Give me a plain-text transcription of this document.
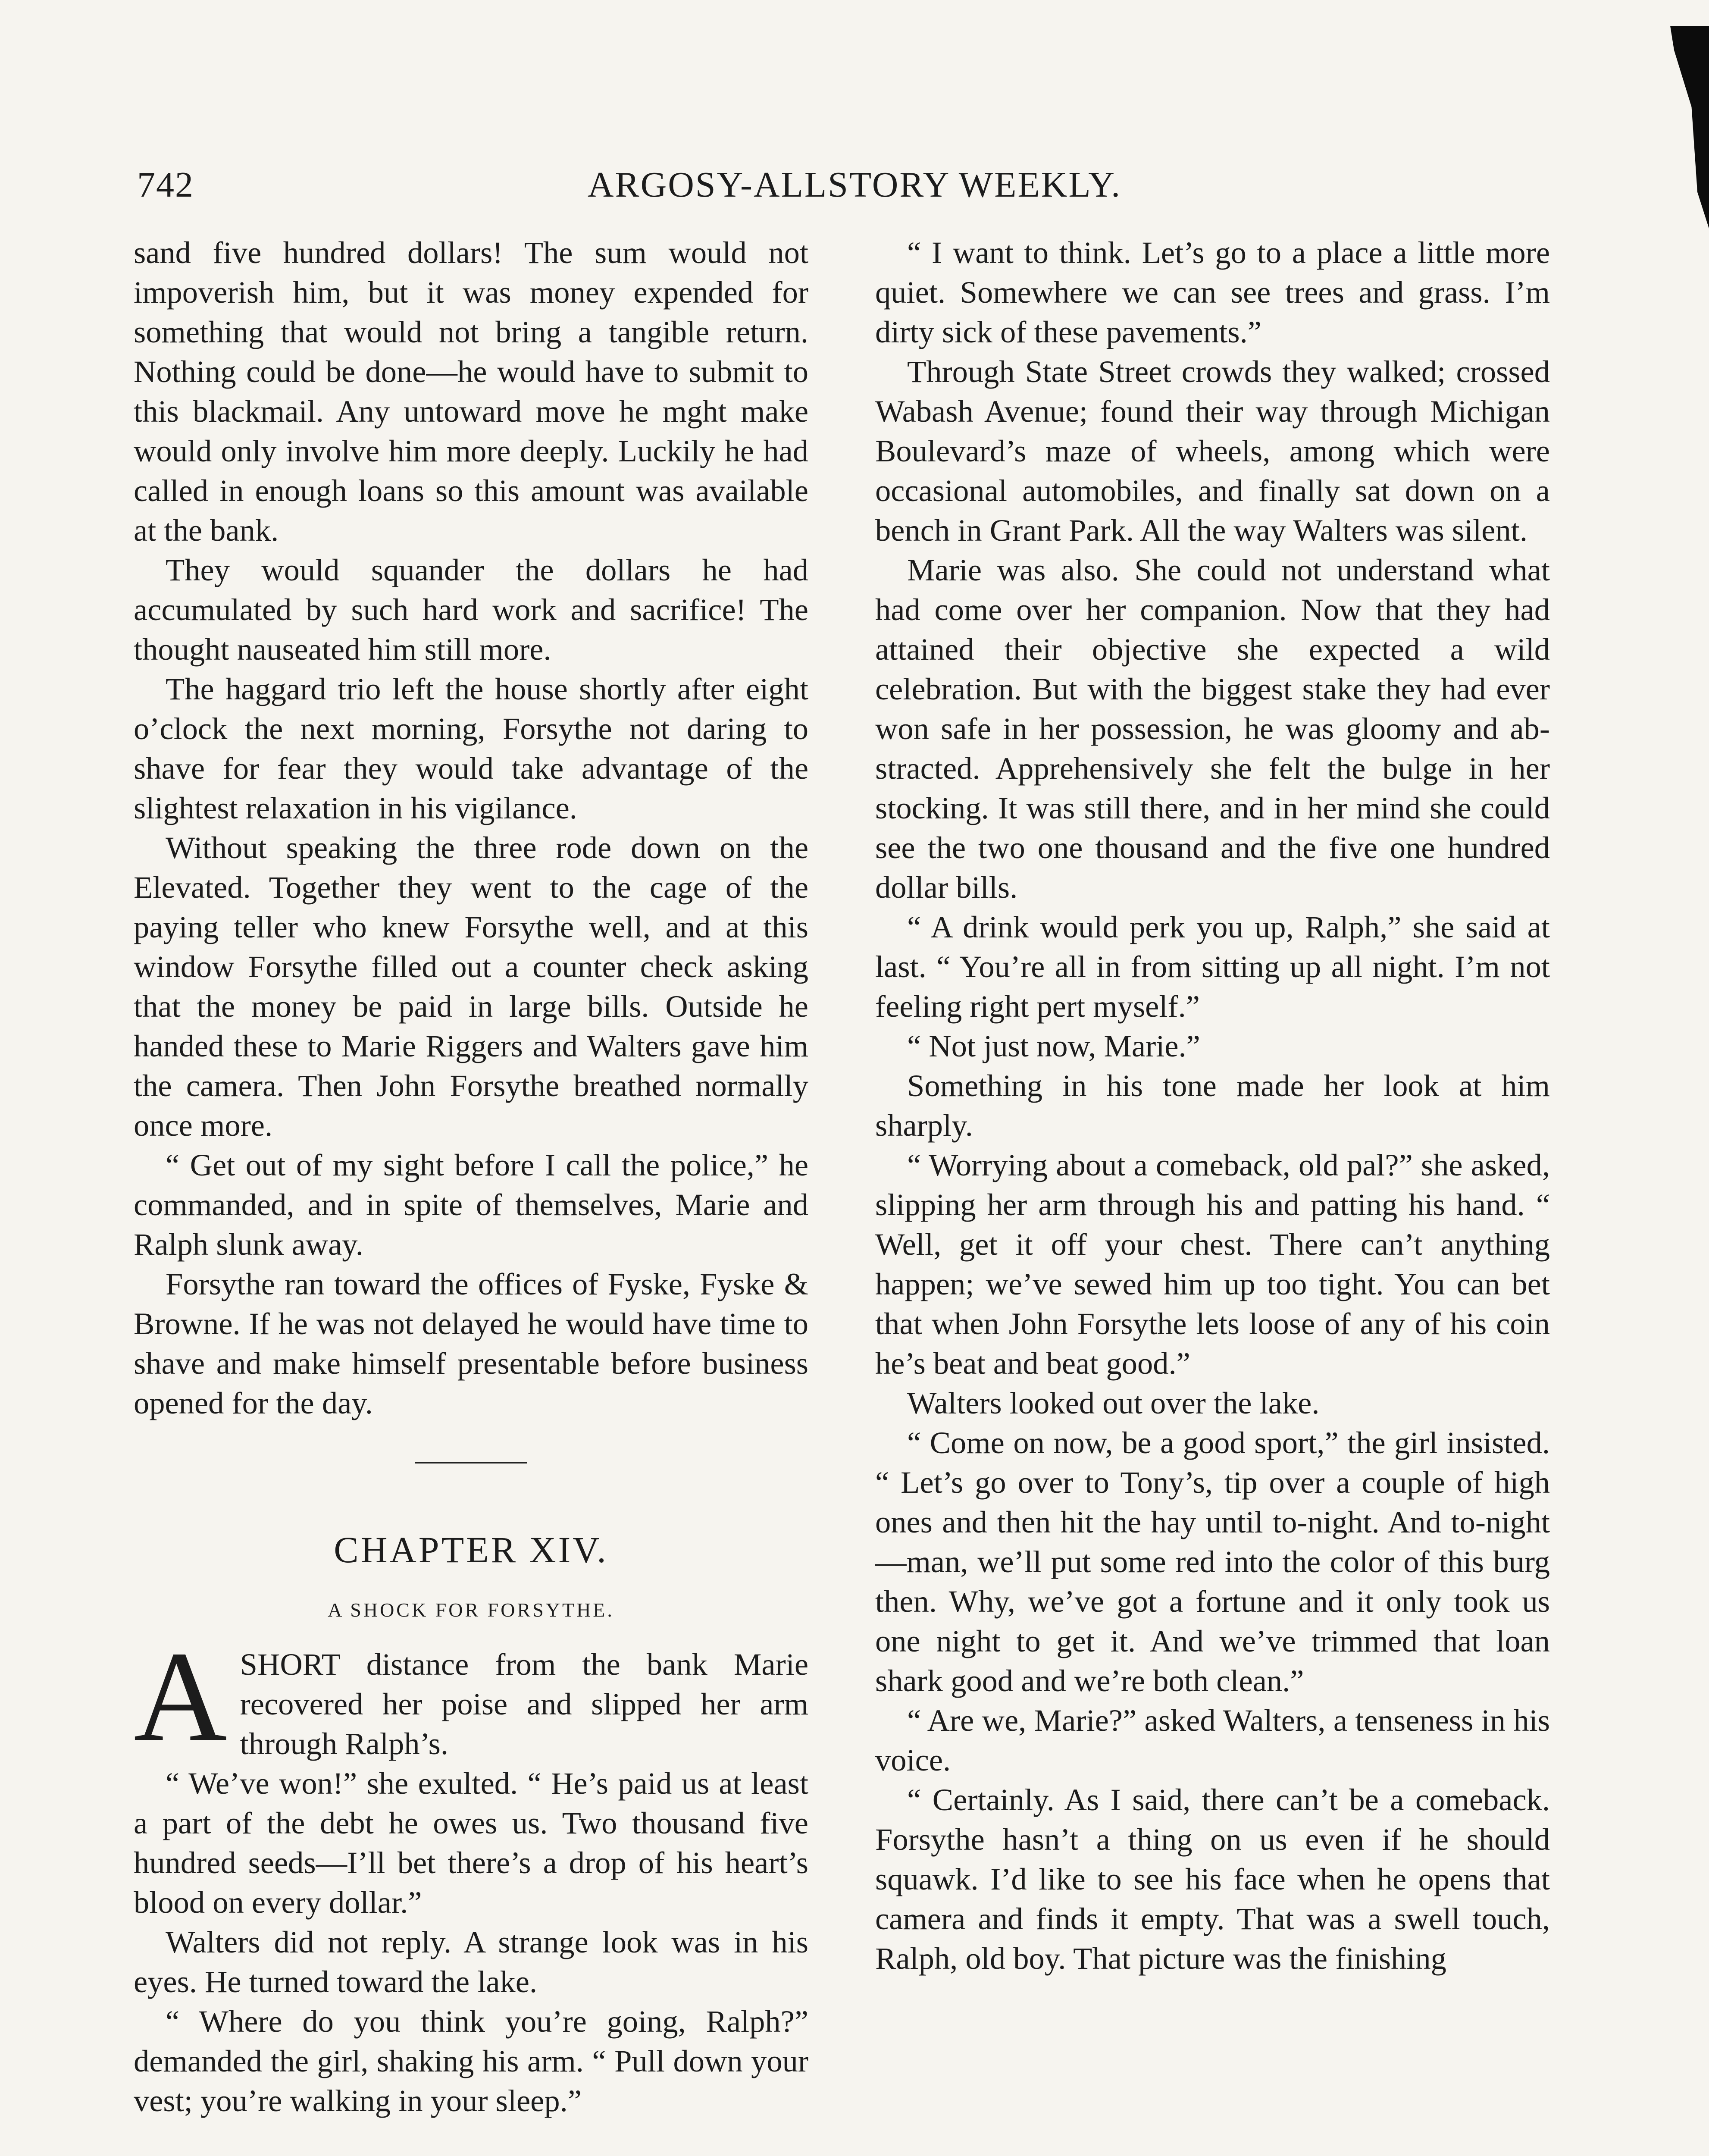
742	ARGOSY-ALLSTORY WEEKLY.

sand five hundred dollars! The sum would not impoverish him, but it was money expended for something that would not bring a tangible return. Nothing could be done—he would have to submit to this blackmail. Any untoward move he mght make would only involve him more deeply. Luckily he had called in enough loans so this amount was available at the bank.

They would squander the dollars he had accumulated by such hard work and sacrifice! The thought nauseated him still more.

The haggard trio left the house shortly after eight o’clock the next morning, Forsythe not daring to shave for fear they would take advantage of the slightest relaxation in his vigilance.

Without speaking the three rode down on the Elevated. Together they went to the cage of the paying teller who knew Forsythe well, and at this window Forsythe filled out a counter check asking that the money be paid in large bills. Outside he handed these to Marie Riggers and Walters gave him the camera. Then John Forsythe breathed normally once more.

“ Get out of my sight before I call the police,” he commanded, and in spite of themselves, Marie and Ralph slunk away.

Forsythe ran toward the offices of Fyske, Fyske & Browne. If he was not delayed he would have time to shave and make himself presentable before business opened for the day.

CHAPTER XIV.
A SHOCK FOR FORSYTHE.

ASHORT distance from the bank Marie recovered her poise and slipped her arm through Ralph’s.

“ We’ve won!” she exulted. “ He’s paid us at least a part of the debt he owes us. Two thousand five hundred seeds—I’ll bet there’s a drop of his heart’s blood on every dollar.”

Walters did not reply. A strange look was in his eyes. He turned toward the lake.

“ Where do you think you’re going, Ralph?” demanded the girl, shaking his arm. “ Pull down your vest; you’re walking in your sleep.”

“ I want to think. Let’s go to a place a little more quiet. Somewhere we can see trees and grass. I’m dirty sick of these pavements.”

Through State Street crowds they walked; crossed Wabash Avenue; found their way through Michigan Boulevard’s maze of wheels, among which were occasional automobiles, and finally sat down on a bench in Grant Park. All the way Walters was silent.

Marie was also. She could not understand what had come over her companion. Now that they had attained their objective she expected a wild celebration. But with the biggest stake they had ever won safe in her possession, he was gloomy and abstracted. Apprehensively she felt the bulge in her stocking. It was still there, and in her mind she could see the two one thousand and the five one hundred dollar bills.

“ A drink would perk you up, Ralph,” she said at last. “ You’re all in from sitting up all night. I’m not feeling right pert myself.”

“ Not just now, Marie.”

Something in his tone made her look at him sharply.

“ Worrying about a comeback, old pal?” she asked, slipping her arm through his and patting his hand. “ Well, get it off your chest. There can’t anything happen; we’ve sewed him up too tight. You can bet that when John Forsythe lets loose of any of his coin he’s beat and beat good.”

Walters looked out over the lake.

“ Come on now, be a good sport,” the girl insisted. “ Let’s go over to Tony’s, tip over a couple of high ones and then hit the hay until to-night. And to-night—man, we’ll put some red into the color of this burg then. Why, we’ve got a fortune and it only took us one night to get it. And we’ve trimmed that loan shark good and we’re both clean.”

“ Are we, Marie?” asked Walters, a tenseness in his voice.

“ Certainly. As I said, there can’t be a comeback. Forsythe hasn’t a thing on us even if he should squawk. I’d like to see his face when he opens that camera and finds it empty. That was a swell touch, Ralph, old boy. That picture was the finishing
